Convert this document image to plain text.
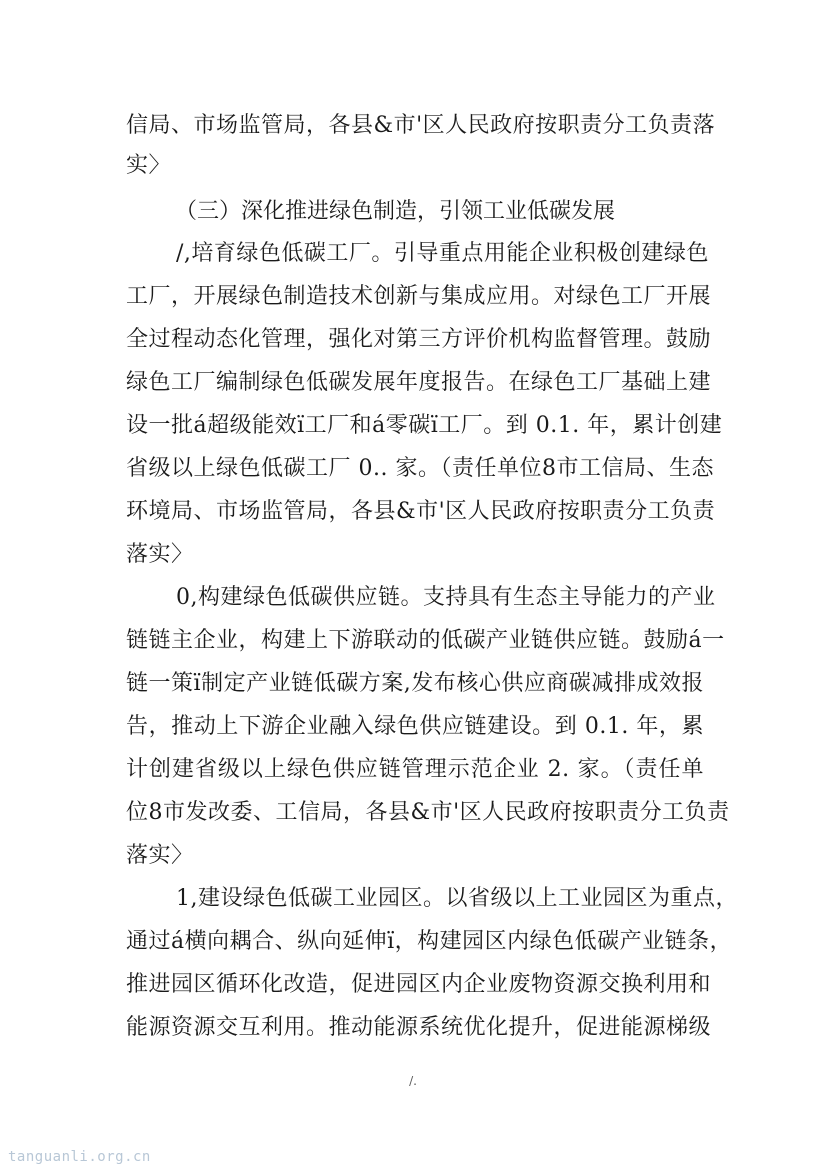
信局、市场监管局，各县&市'区人民政府按职责分工负责落
实〉
（三）深化推进绿色制造，引领工业低碳发展
/,培育绿色低碳工厂。引导重点用能企业积极创建绿色
工厂，开展绿色制造技术创新与集成应用。对绿色工厂开展
全过程动态化管理，强化对第三方评价机构监督管理。鼓励
绿色工厂编制绿色低碳发展年度报告。在绿色工厂基础上建
设一批á超级能效ï工厂和á零碳ï工厂。到 0.1. 年，累计创建
省级以上绿色低碳工厂 0.. 家。（责任单位8市工信局、生态
环境局、市场监管局，各县&市'区人民政府按职责分工负责
落实〉
0,构建绿色低碳供应链。支持具有生态主导能力的产业
链链主企业，构建上下游联动的低碳产业链供应链。鼓励á一
链一策ï制定产业链低碳方案,发布核心供应商碳减排成效报
告，推动上下游企业融入绿色供应链建设。到 0.1. 年，累
计创建省级以上绿色供应链管理示范企业 2. 家。（责任单
位8市发改委、工信局，各县&市'区人民政府按职责分工负责
落实〉
1,建设绿色低碳工业园区。以省级以上工业园区为重点，
通过á横向耦合、纵向延伸ï，构建园区内绿色低碳产业链条，
推进园区循环化改造，促进园区内企业废物资源交换利用和
能源资源交互利用。推动能源系统优化提升，促进能源梯级
/.
tanguanli.org.cn
